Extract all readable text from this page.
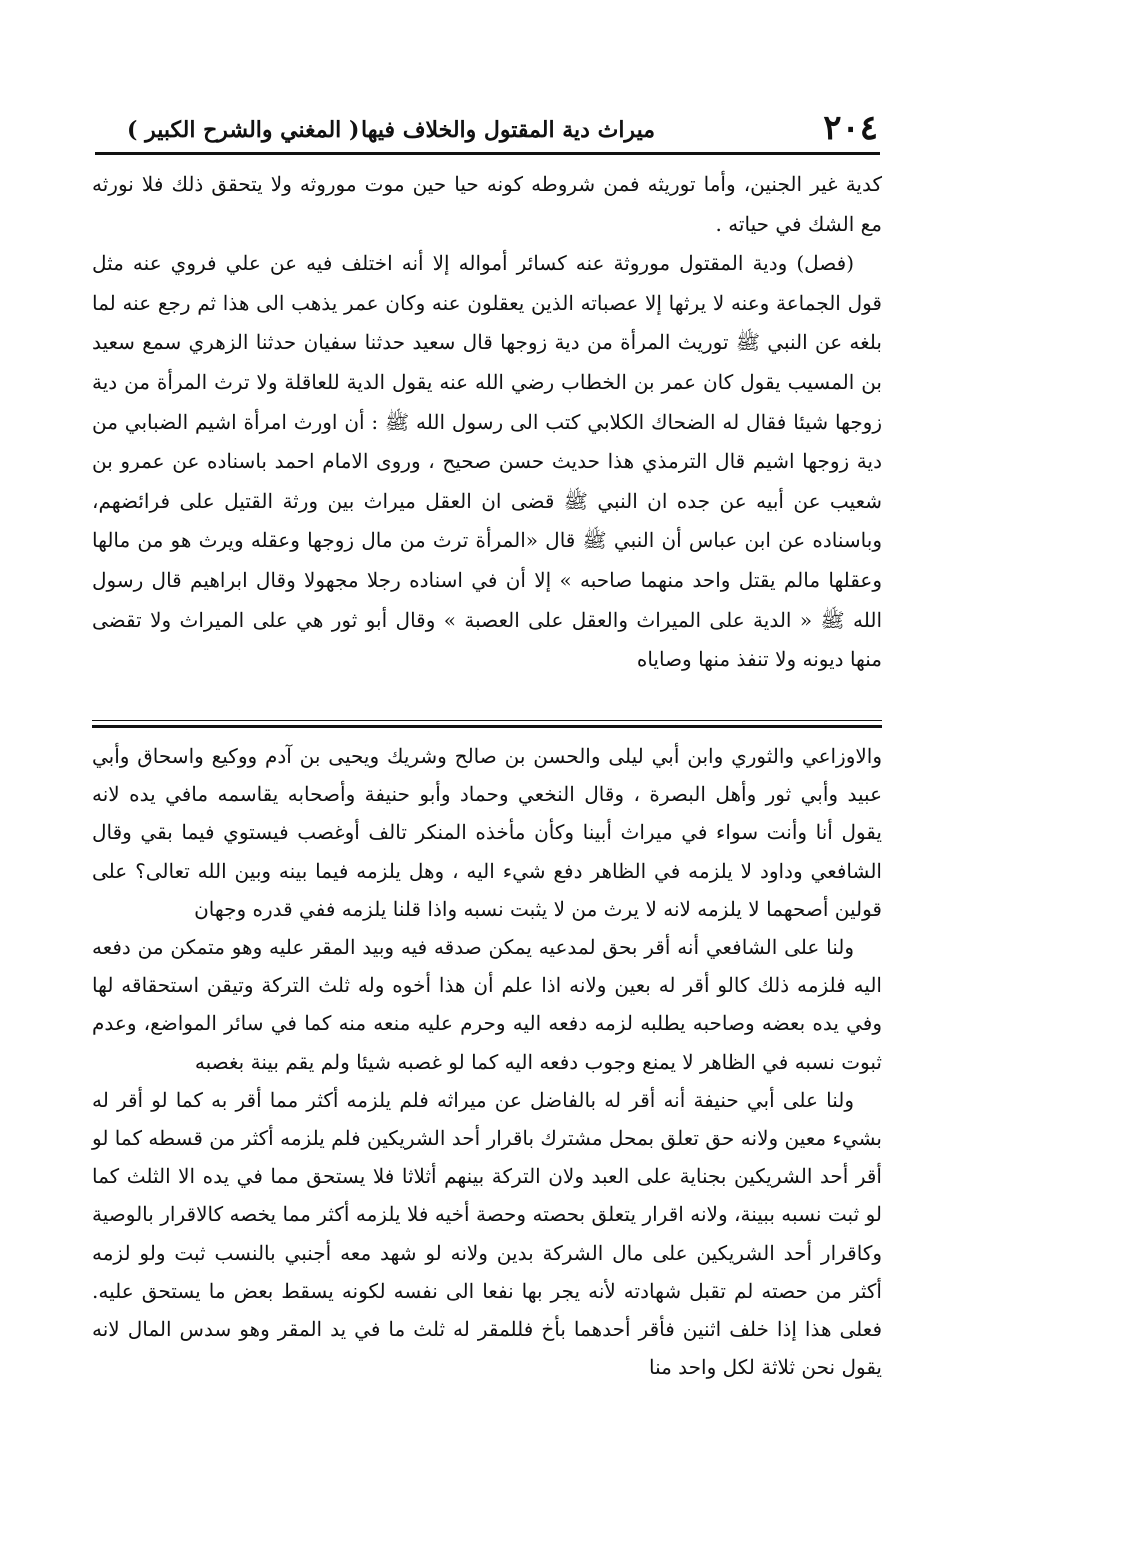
٢٠٤
ميراث دية المقتول والخلاف فيها
( المغني والشرح الكبير )

كدية غير الجنين، وأما توريثه فمن شروطه كونه حيا حين موت موروثه ولا يتحقق ذلك فلا نورثه مع الشك في حياته .

(فصل) ودية المقتول موروثة عنه كسائر أمواله إلا أنه اختلف فيه عن علي فروي عنه مثل قول الجماعة وعنه لا يرثها إلا عصباته الذين يعقلون عنه وكان عمر يذهب الى هذا ثم رجع عنه لما بلغه عن النبي ﷺ توريث المرأة من دية زوجها قال سعيد حدثنا سفيان حدثنا الزهري سمع سعيد بن المسيب يقول كان عمر بن الخطاب رضي الله عنه يقول الدية للعاقلة ولا ترث المرأة من دية زوجها شيئا فقال له الضحاك الكلابي كتب الى رسول الله ﷺ : أن اورث امرأة اشيم الضبابي من دية زوجها اشيم قال الترمذي هذا حديث حسن صحيح ، وروى الامام احمد باسناده عن عمرو بن شعيب عن أبيه عن جده ان النبي ﷺ قضى ان العقل ميراث بين ورثة القتيل على فرائضهم، وباسناده عن ابن عباس أن النبي ﷺ قال «المرأة ترث من مال زوجها وعقله ويرث هو من مالها وعقلها مالم يقتل واحد منهما صاحبه » إلا أن في اسناده رجلا مجهولا وقال ابراهيم قال رسول الله ﷺ « الدية على الميراث والعقل على العصبة » وقال أبو ثور هي على الميراث ولا تقضى منها ديونه ولا تنفذ منها وصاياه

والاوزاعي والثوري وابن أبي ليلى والحسن بن صالح وشريك ويحيى بن آدم ووكيع واسحاق وأبي عبيد وأبي ثور وأهل البصرة ، وقال النخعي وحماد وأبو حنيفة وأصحابه يقاسمه مافي يده لانه يقول أنا وأنت سواء في ميراث أبينا وكأن مأخذه المنكر تالف أوغصب فيستوي فيما بقي وقال الشافعي وداود لا يلزمه في الظاهر دفع شيء اليه ، وهل يلزمه فيما بينه وبين الله تعالى؟ على قولين أصحهما لا يلزمه لانه لا يرث من لا يثبت نسبه واذا قلنا يلزمه ففي قدره وجهان

ولنا على الشافعي أنه أقر بحق لمدعيه يمكن صدقه فيه وبيد المقر عليه وهو متمكن من دفعه اليه فلزمه ذلك كالو أقر له بعين ولانه اذا علم أن هذا أخوه وله ثلث التركة وتيقن استحقاقه لها وفي يده بعضه وصاحبه يطلبه لزمه دفعه اليه وحرم عليه منعه منه كما في سائر المواضع، وعدم ثبوت نسبه في الظاهر لا يمنع وجوب دفعه اليه كما لو غصبه شيئا ولم يقم بينة بغصبه

ولنا على أبي حنيفة أنه أقر له بالفاضل عن ميراثه فلم يلزمه أكثر مما أقر به كما لو أقر له بشيء معين ولانه حق تعلق بمحل مشترك باقرار أحد الشريكين فلم يلزمه أكثر من قسطه كما لو أقر أحد الشريكين بجناية على العبد ولان التركة بينهم أثلاثا فلا يستحق مما في يده الا الثلث كما لو ثبت نسبه ببينة، ولانه اقرار يتعلق بحصته وحصة أخيه فلا يلزمه أكثر مما يخصه كالاقرار بالوصية وكاقرار أحد الشريكين على مال الشركة بدين ولانه لو شهد معه أجنبي بالنسب ثبت ولو لزمه أكثر من حصته لم تقبل شهادته لأنه يجر بها نفعا الى نفسه لكونه يسقط بعض ما يستحق عليه. فعلى هذا إذا خلف اثنين فأقر أحدهما بأخ فللمقر له ثلث ما في يد المقر وهو سدس المال لانه يقول نحن ثلاثة لكل واحد منا
